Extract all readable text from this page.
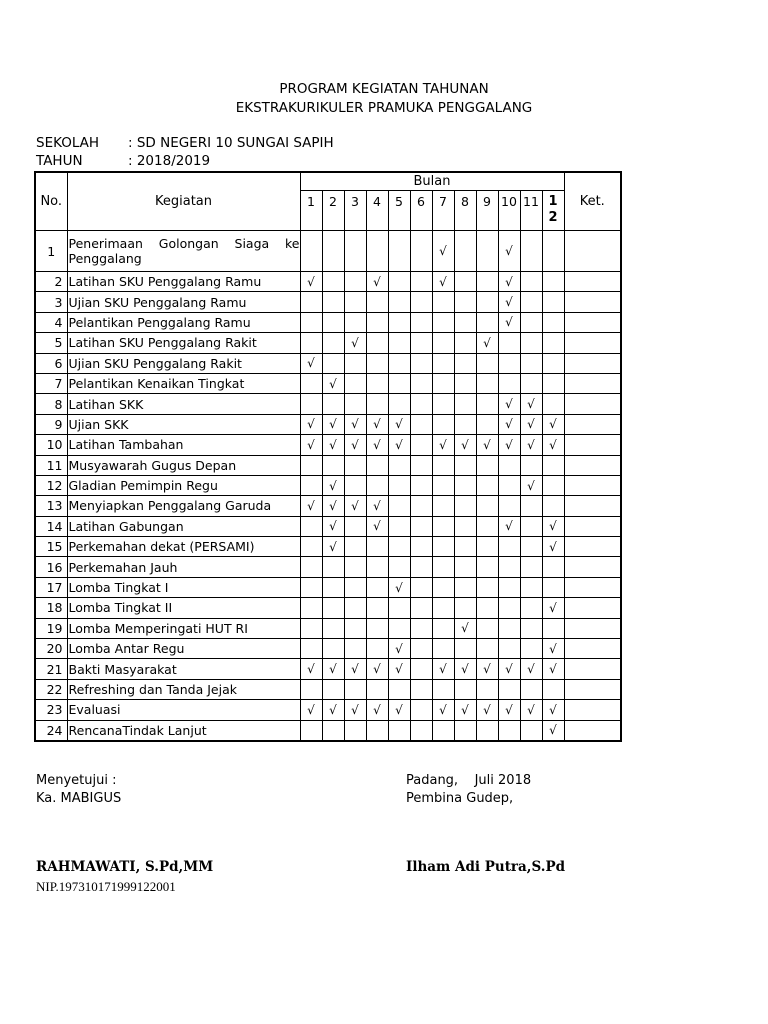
PROGRAM KEGIATAN TAHUNAN
EKSTRAKURIKULER PRAMUKA PENGGALANG
SEKOLAH : SD NEGERI 10 SUNGAI SAPIH
TAHUN	: 2018/2019
No.	Kegiatan	Bulan												Ket.
		1	2	3	4	5	6	7	8	9	10	11	1 2	
1	Penerimaan Golongan Siaga ke Penggalang							√			√			
2	Latihan SKU Penggalang Ramu	√			√			√			√			
3	Ujian SKU Penggalang Ramu										√			
4	Pelantikan Penggalang Ramu										√			
5	Latihan SKU Penggalang Rakit			√						√				
6	Ujian SKU Penggalang Rakit	√												
7	Pelantikan Kenaikan Tingkat		√											
8	Latihan SKK										√	√		
9	Ujian SKK	√	√	√	√	√					√	√	√	
10	Latihan Tambahan	√	√	√	√	√		√	√	√	√	√	√	
11	Musyawarah Gugus Depan													
12	Gladian Pemimpin Regu		√									√		
13	Menyiapkan Penggalang Garuda	√	√	√	√									
14	Latihan Gabungan		√		√						√		√	
15	Perkemahan dekat (PERSAMI)		√										√	
16	Perkemahan Jauh													
17	Lomba Tingkat I					√								
18	Lomba Tingkat II												√	
19	Lomba Memperingati HUT RI								√					
20	Lomba Antar Regu					√							√	
21	Bakti Masyarakat	√	√	√	√	√		√	√	√	√	√	√	
22	Refreshing dan Tanda Jejak													
23	Evaluasi	√	√	√	√	√		√	√	√	√	√	√	
24	RencanaTindak Lanjut												√	
Menyetujui :
Ka. MABIGUS
RAHMAWATI, S.Pd,MM
NIP.197310171999122001
Padang,    Juli 2018
Pembina Gudep,
Ilham Adi Putra,S.Pd
